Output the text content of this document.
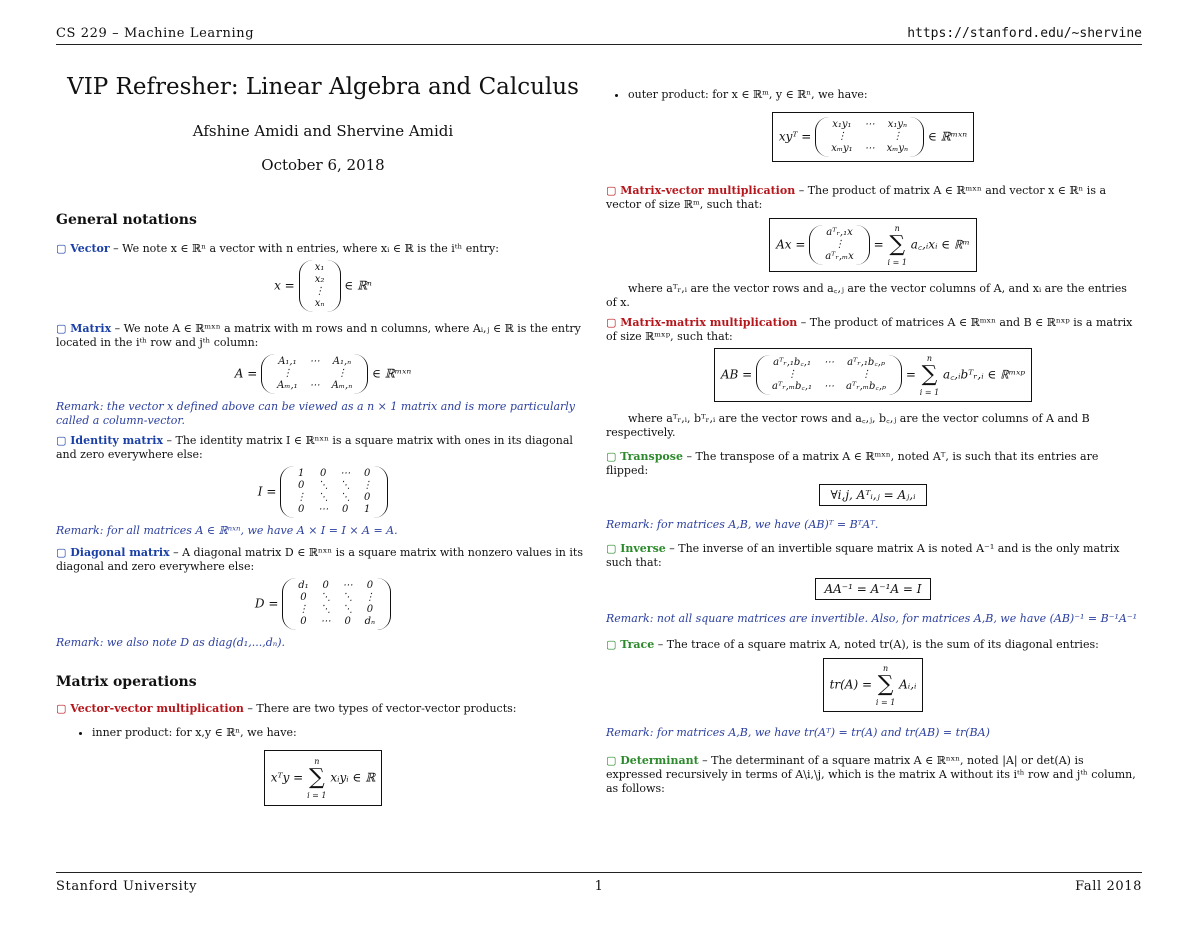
CS 229 – Machine Learning	https://stanford.edu/~shervine
VIP Refresher: Linear Algebra and Calculus
Afshine Amidi and Shervine Amidi
October 6, 2018
General notations

▢ Vector – We note x ∈ ℝⁿ a vector with n entries, where xᵢ ∈ ℝ is the iᵗʰ entry:

x =
x₁
x₂
⋮
xₙ
∈ ℝⁿ

▢ Matrix – We note A ∈ ℝᵐˣⁿ a matrix with m rows and n columns, where Aᵢ,ⱼ ∈ ℝ is the entry located in the iᵗʰ row and jᵗʰ column:

A =
A₁,₁	⋯	A₁,ₙ
⋮		⋮
Aₘ,₁	⋯	Aₘ,ₙ
∈ ℝᵐˣⁿ

Remark: the vector x defined above can be viewed as a n × 1 matrix and is more particularly called a column-vector.

▢ Identity matrix – The identity matrix I ∈ ℝⁿˣⁿ is a square matrix with ones in its diagonal and zero everywhere else:

I =
1	0	⋯	0
0	⋱	⋱	⋮
⋮	⋱	⋱	0
0	⋯	0	1

Remark: for all matrices A ∈ ℝⁿˣⁿ, we have A × I = I × A = A.

▢ Diagonal matrix – A diagonal matrix D ∈ ℝⁿˣⁿ is a square matrix with nonzero values in its diagonal and zero everywhere else:

D =
d₁	0	⋯	0
0	⋱	⋱	⋮
⋮	⋱	⋱	0
0	⋯	0	dₙ

Remark: we also note D as diag(d₁,...,dₙ).

Matrix operations

▢ Vector-vector multiplication – There are two types of vector-vector products:

• inner product: for x,y ∈ ℝⁿ, we have:
xᵀy = n
∑
i = 1 xᵢyᵢ ∈ ℝ
• outer product: for x ∈ ℝᵐ, y ∈ ℝⁿ, we have:
xyᵀ =
x₁y₁	⋯	x₁yₙ
⋮		⋮
xₘy₁	⋯	xₘyₙ
∈ ℝᵐˣⁿ

▢ Matrix-vector multiplication – The product of matrix A ∈ ℝᵐˣⁿ and vector x ∈ ℝⁿ is a vector of size ℝᵐ, such that:

Ax =
aᵀᵣ,₁x
⋮
aᵀᵣ,ₘx
= n
∑
i = 1 a꜀,ᵢxᵢ ∈ ℝᵐ

where aᵀᵣ,ᵢ are the vector rows and a꜀,ⱼ are the vector columns of A, and xᵢ are the entries of x.

▢ Matrix-matrix multiplication – The product of matrices A ∈ ℝᵐˣⁿ and B ∈ ℝⁿˣᵖ is a matrix of size ℝᵐˣᵖ, such that:

AB =
aᵀᵣ,₁b꜀,₁	⋯	aᵀᵣ,₁b꜀,ₚ
⋮		⋮
aᵀᵣ,ₘb꜀,₁	⋯	aᵀᵣ,ₘb꜀,ₚ
= n
∑
i = 1 a꜀,ᵢbᵀᵣ,ᵢ ∈ ℝᵐˣᵖ

where aᵀᵣ,ᵢ, bᵀᵣ,ᵢ are the vector rows and a꜀,ⱼ, b꜀,ⱼ are the vector columns of A and B respectively.

▢ Transpose – The transpose of a matrix A ∈ ℝᵐˣⁿ, noted Aᵀ, is such that its entries are flipped:

∀i,j, Aᵀᵢ,ⱼ = Aⱼ,ᵢ

Remark: for matrices A,B, we have (AB)ᵀ = BᵀAᵀ.

▢ Inverse – The inverse of an invertible square matrix A is noted A⁻¹ and is the only matrix such that:

AA⁻¹ = A⁻¹A = I

Remark: not all square matrices are invertible. Also, for matrices A,B, we have (AB)⁻¹ = B⁻¹A⁻¹

▢ Trace – The trace of a square matrix A, noted tr(A), is the sum of its diagonal entries:

tr(A) = n
∑
i = 1 Aᵢ,ᵢ

Remark: for matrices A,B, we have tr(Aᵀ) = tr(A) and tr(AB) = tr(BA)

▢ Determinant – The determinant of a square matrix A ∈ ℝⁿˣⁿ, noted |A| or det(A) is expressed recursively in terms of A\i,\j, which is the matrix A without its iᵗʰ row and jᵗʰ column, as follows:

Stanford University	1	Fall 2018
